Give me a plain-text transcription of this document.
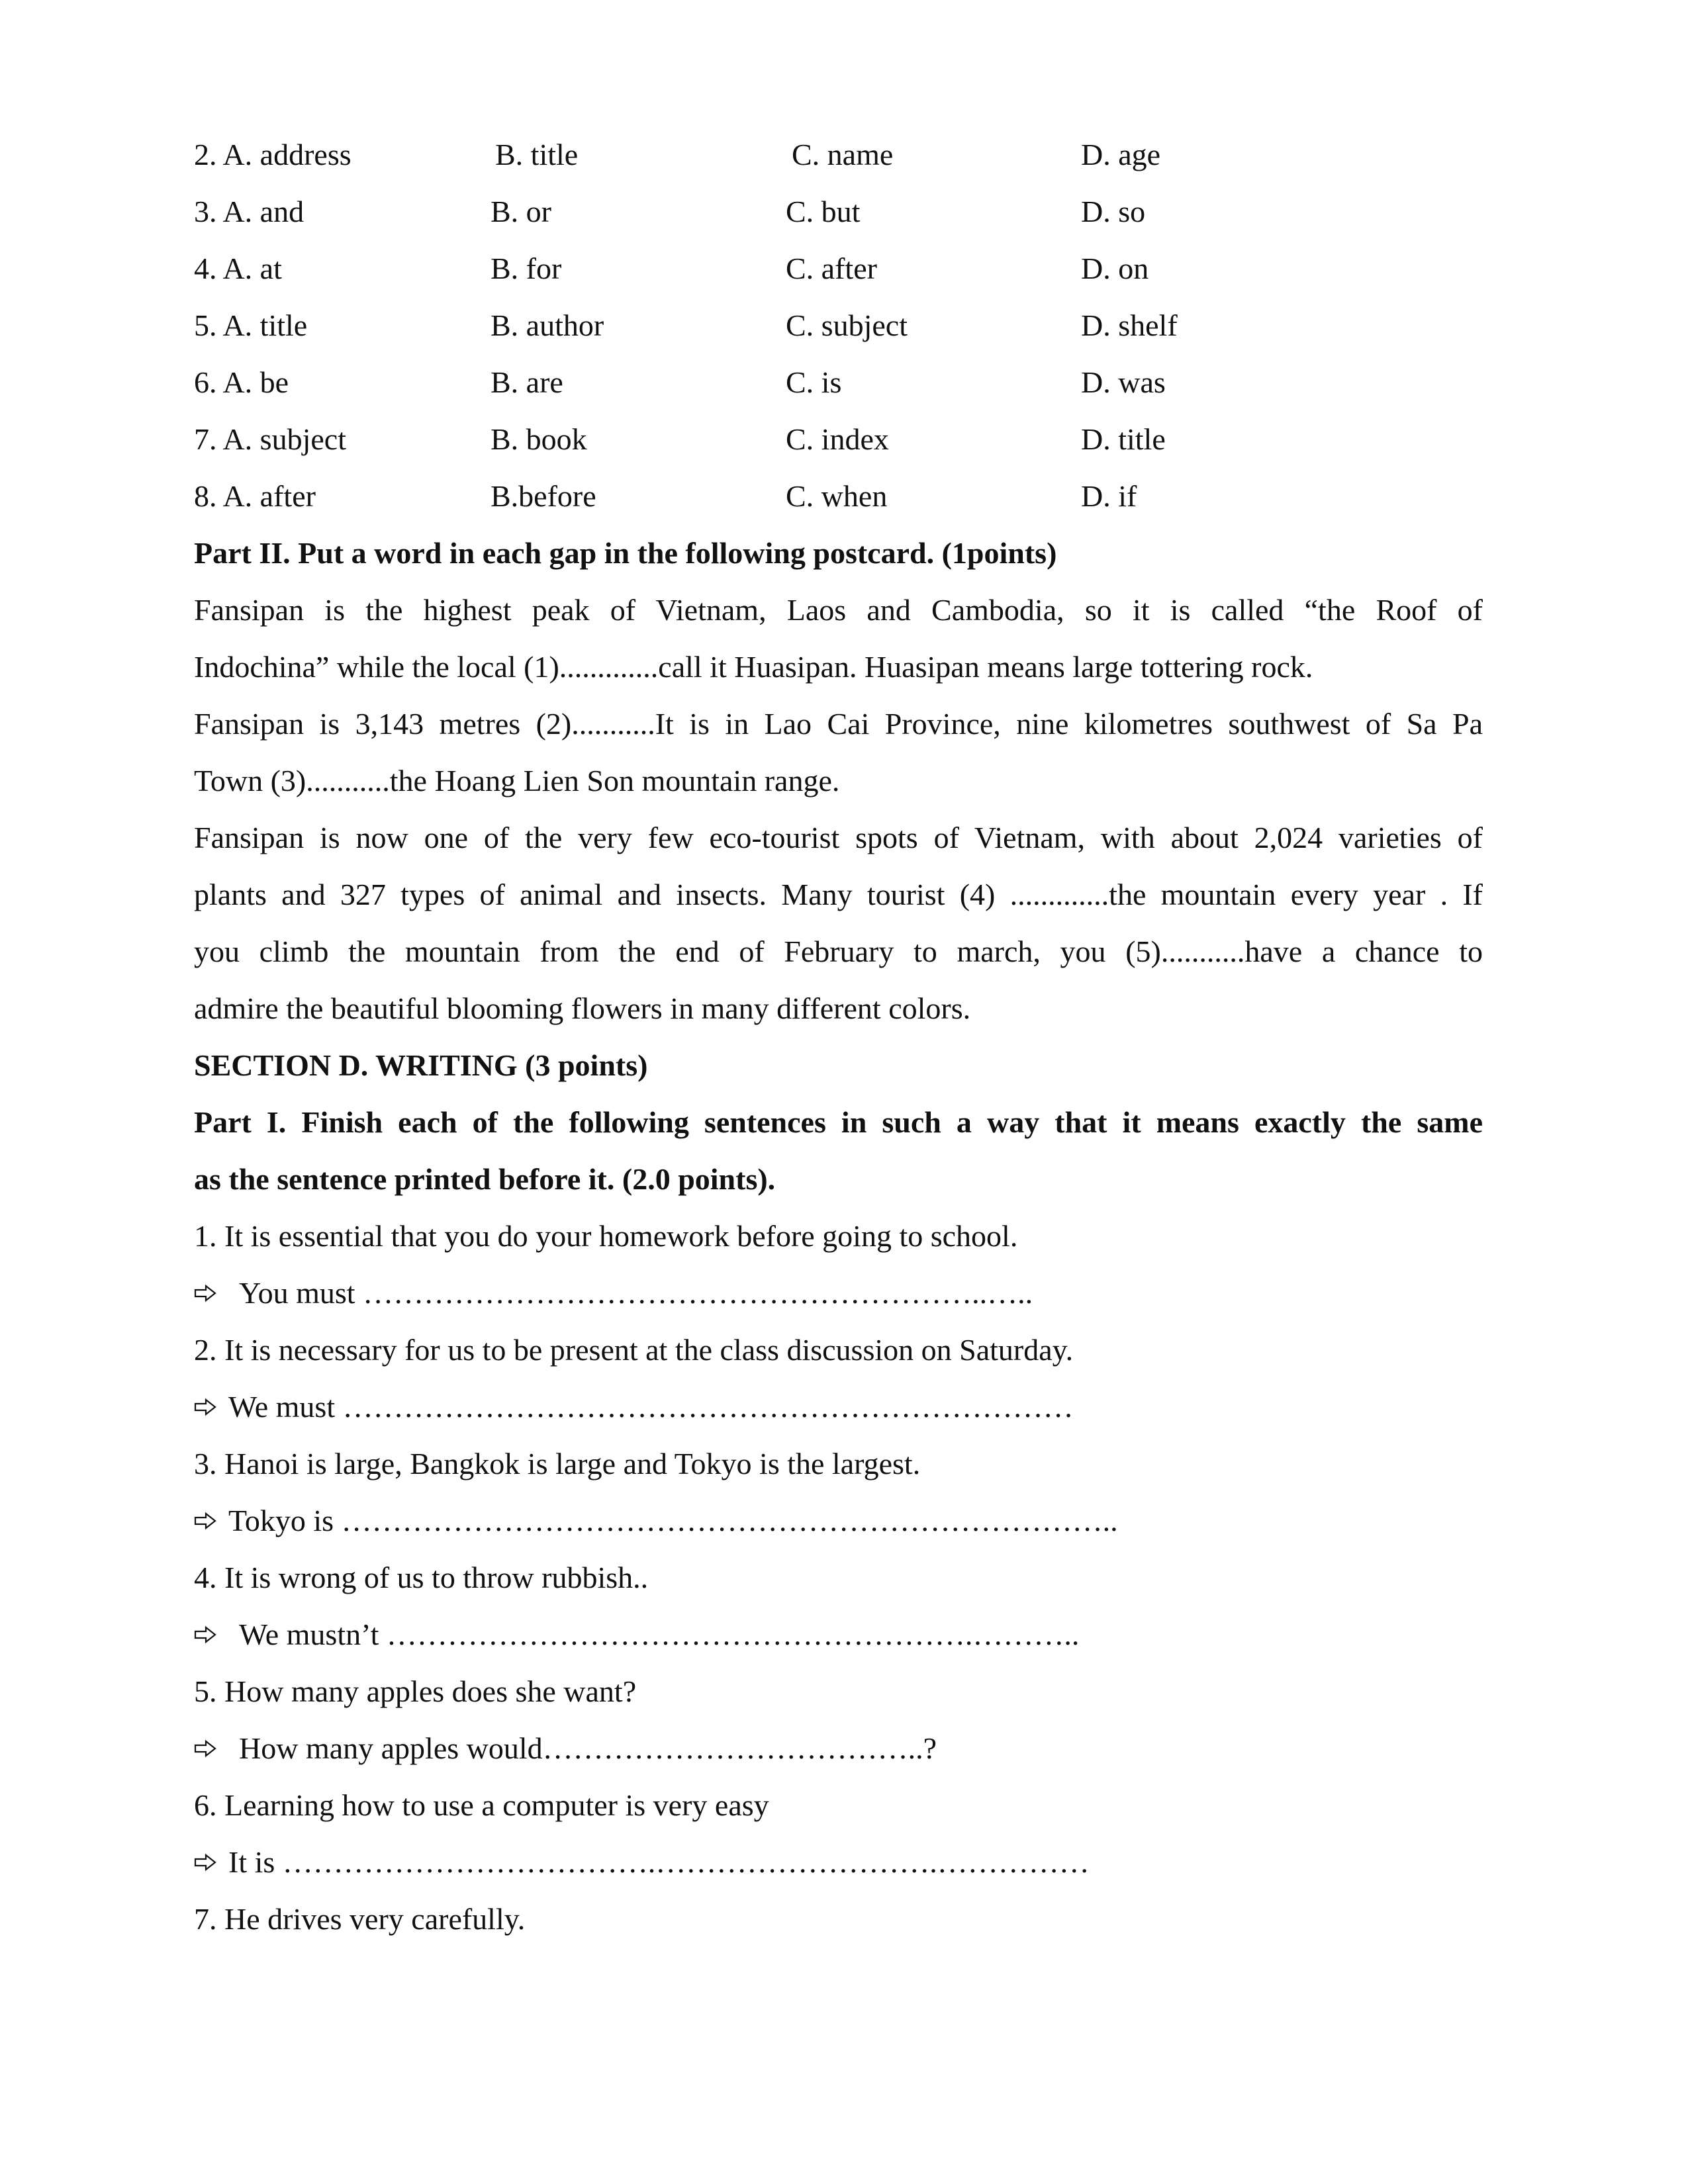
2. A. address	B. title	C. name	D. age
3. A. and	B. or	C. but	D. so
4. A. at	B. for	C. after	D. on
5. A. title	B. author	C. subject	D. shelf
6. A. be	B. are	C. is	D. was
7. A. subject	B. book	C. index	D. title
8. A. after	B.before	C. when	D. if
Part II. Put a word in each gap in the following postcard. (1points)
Fansipan is the highest peak of Vietnam, Laos and Cambodia, so it is called “the Roof of
Indochina” while the local (1).............call it Huasipan. Huasipan means large tottering rock.
Fansipan is 3,143 metres (2)...........It is in Lao Cai Province, nine kilometres southwest of Sa Pa
Town (3)...........the Hoang Lien Son mountain range.
Fansipan is now one of the very few eco-tourist spots of Vietnam, with about 2,024 varieties of
plants and 327 types of animal and insects. Many tourist (4) .............the mountain every year . If
you climb the mountain from the end of February to march, you (5)...........have a chance to
admire the beautiful blooming flowers in many different colors.
SECTION D. WRITING (3 points)
Part I. Finish each of the following sentences in such a way that it means exactly the same
as the sentence printed before it. (2.0 points).
1. It is essential that you do your homework before going to school.
You must ……………………………………………………..…..
2. It is necessary for us to be present at the class discussion on Saturday.
We must ………………………………………………………………
3. Hanoi is large, Bangkok is large and Tokyo is the largest.
Tokyo is …………………………………………………………………..
4. It is wrong of us to throw rubbish..
We mustn’t ………………………………………………….………..
5. How many apples does she want?
How many apples would………………………………..?
6. Learning how to use a computer is very easy
It is ……………………………….……………………….……………
7. He drives very carefully.
